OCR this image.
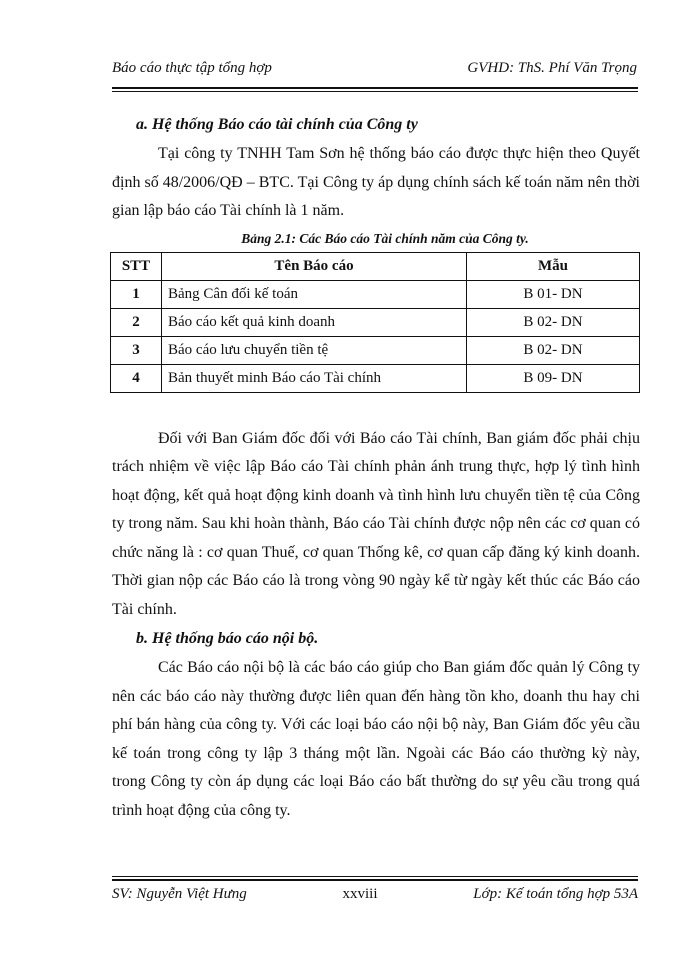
Báo cáo thực tập tổng hợp	GVHD: ThS. Phí Văn Trọng

a. Hệ thống Báo cáo tài chính của Công ty

Tại công ty TNHH Tam Sơn hệ thống báo cáo được thực hiện theo Quyết định số 48/2006/QĐ – BTC. Tại Công ty áp dụng chính sách kế toán năm nên thời gian lập báo cáo Tài chính là 1 năm.

Bảng 2.1: Các Báo cáo Tài chính năm của Công ty.

STT	Tên Báo cáo	Mẫu
1	Bảng Cân đối kế toán	B 01- DN
2	Báo cáo kết quả kinh doanh	B 02- DN
3	Báo cáo lưu chuyển tiền tệ	B 02- DN
4	Bản thuyết minh Báo cáo Tài chính	B 09- DN

Đối với Ban Giám đốc đối với Báo cáo Tài chính, Ban giám đốc phải chịu trách nhiệm về việc lập Báo cáo Tài chính phản ánh trung thực, hợp lý tình hình hoạt động, kết quả hoạt động kinh doanh và tình hình lưu chuyển tiền tệ của Công ty trong năm. Sau khi hoàn thành, Báo cáo Tài chính được nộp nên các cơ quan có chức năng là : cơ quan Thuế, cơ quan Thống kê, cơ quan cấp đăng ký kinh doanh. Thời gian nộp các Báo cáo là trong vòng 90 ngày kể từ ngày kết thúc các Báo cáo Tài chính.

b. Hệ thống báo cáo nội bộ.

Các Báo cáo nội bộ là các báo cáo giúp cho Ban giám đốc quản lý Công ty nên các báo cáo này thường được liên quan đến hàng tồn kho, doanh thu hay chi phí bán hàng của công ty. Với các loại báo cáo nội bộ này, Ban Giám đốc yêu cầu kế toán trong công ty lập 3 tháng một lần. Ngoài các Báo cáo thường kỳ này, trong Công ty còn áp dụng các loại Báo cáo bất thường do sự yêu cầu trong quá trình hoạt động của công ty.

SV: Nguyễn Việt Hưng	xxviii	Lớp: Kế toán tổng hợp 53A
